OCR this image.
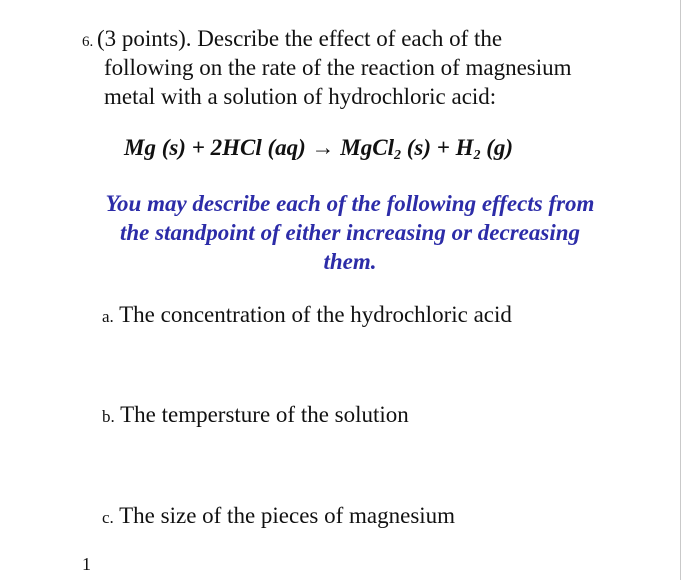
6. (3 points). Describe the effect of each of the
following on the rate of the reaction of magnesium
metal with a solution of hydrochloric acid:
Mg (s) + 2HCl (aq) → MgCl$_2$ $(s) + H_2$ (g)
You may describe each of the following effects from
the standpoint of either increasing or decreasing
them.
a. The concentration of the hydrochloric acid
b. The tempersture of the solution
c. The size of the pieces of magnesium
1
